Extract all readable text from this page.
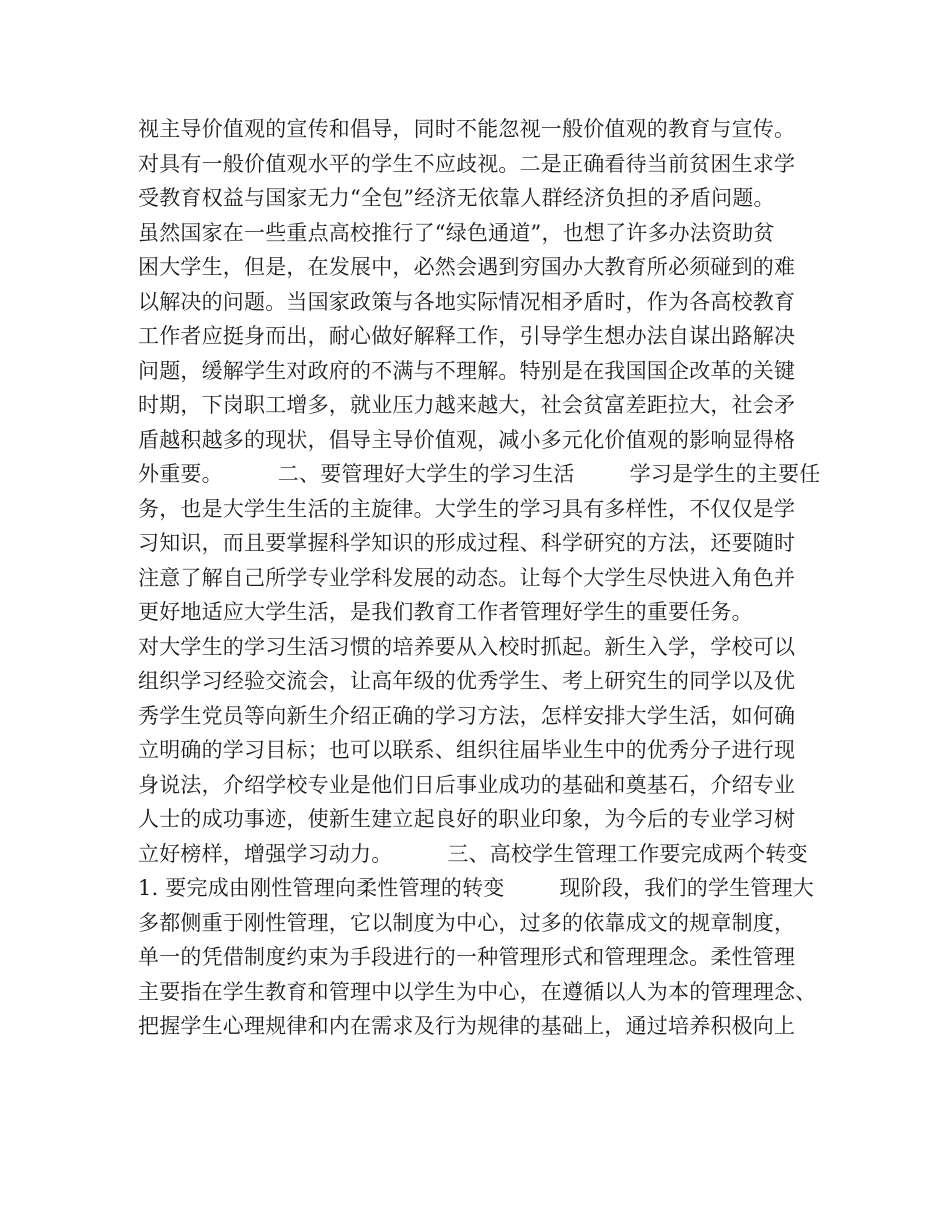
视主导价值观的宣传和倡导，同时不能忽视一般价值观的教育与宣传。
对具有一般价值观水平的学生不应歧视。二是正确看待当前贫困生求学
受教育权益与国家无力“全包”经济无依靠人群经济负担的矛盾问题。
虽然国家在一些重点高校推行了“绿色通道”，也想了许多办法资助贫
困大学生，但是，在发展中，必然会遇到穷国办大教育所必须碰到的难
以解决的问题。当国家政策与各地实际情况相矛盾时，作为各高校教育
工作者应挺身而出，耐心做好解释工作，引导学生想办法自谋出路解决
问题，缓解学生对政府的不满与不理解。特别是在我国国企改革的关键
时期，下岗职工增多，就业压力越来越大，社会贫富差距拉大，社会矛
盾越积越多的现状，倡导主导价值观，减小多元化价值观的影响显得格
外重要。        二、要管理好大学生的学习生活        学习是学生的主要任
务，也是大学生生活的主旋律。大学生的学习具有多样性，不仅仅是学
习知识，而且要掌握科学知识的形成过程、科学研究的方法，还要随时
注意了解自己所学专业学科发展的动态。让每个大学生尽快进入角色并
更好地适应大学生活，是我们教育工作者管理好学生的重要任务。
对大学生的学习生活习惯的培养要从入校时抓起。新生入学，学校可以
组织学习经验交流会，让高年级的优秀学生、考上研究生的同学以及优
秀学生党员等向新生介绍正确的学习方法，怎样安排大学生活，如何确
立明确的学习目标；也可以联系、组织往届毕业生中的优秀分子进行现
身说法，介绍学校专业是他们日后事业成功的基础和奠基石，介绍专业
人士的成功事迹，使新生建立起良好的职业印象，为今后的专业学习树
立好榜样，增强学习动力。        三、高校学生管理工作要完成两个转变
1. 要完成由刚性管理向柔性管理的转变        现阶段，我们的学生管理大
多都侧重于刚性管理，它以制度为中心，过多的依靠成文的规章制度，
单一的凭借制度约束为手段进行的一种管理形式和管理理念。柔性管理
主要指在学生教育和管理中以学生为中心，在遵循以人为本的管理理念、
把握学生心理规律和内在需求及行为规律的基础上，通过培养积极向上
